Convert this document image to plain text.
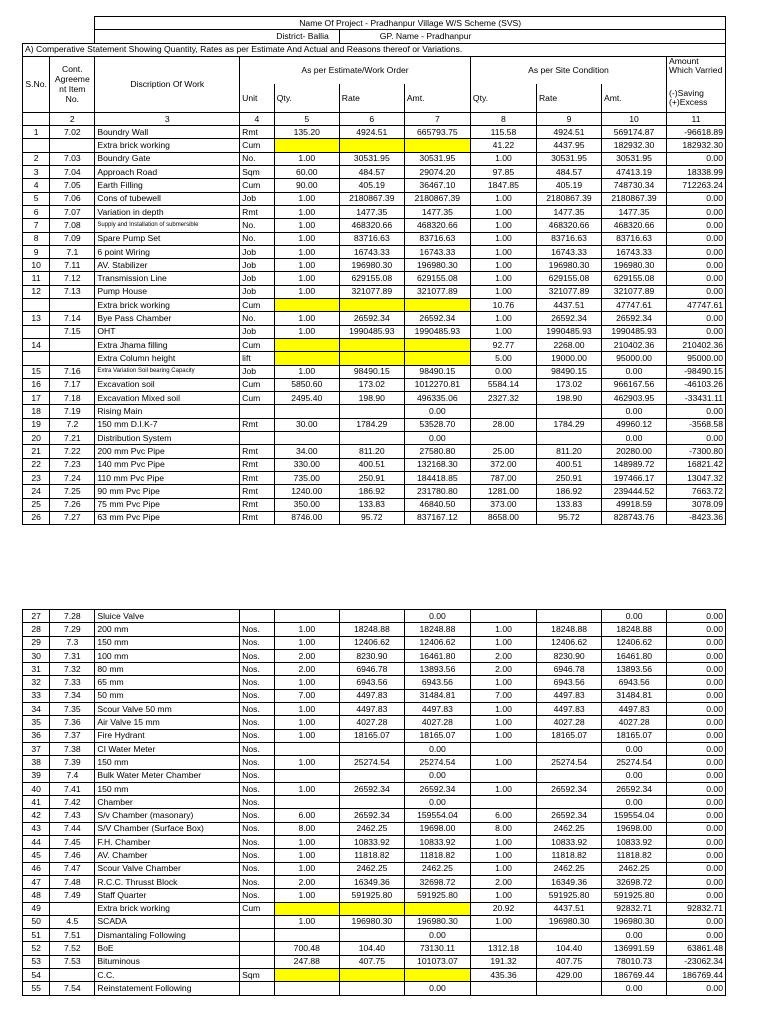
		Name Of Project - Pradhanpur Village W/S Scheme (SVS)								
		District- Ballia			GP. Name - Pradhanpur					
A) Comperative Statement Showing Quantity, Rates as per Estimate And Actual and Reasons thereof or Variations.										
S.No.	Cont. Agreeme nt Item No.	Discription Of Work	As per Estimate/Work Order				As per Site Condition			Amount Which Varried
			Unit	Qty.	Rate	Amt.	Qty.	Rate	Amt.	(-)Saving (+)Excess
	2	3	4	5	6	7	8	9	10	11
1	7.02	Boundry Wall	Rmt	135.20	4924.51	665793.75	115.58	4924.51	569174.87	-96618.89
		Extra brick working	Cum				41.22	4437.95	182932.30	182932.30
2	7.03	Boundry Gate	No.	1.00	30531.95	30531.95	1.00	30531.95	30531.95	0.00
3	7.04	Approach Road	Sqm	60.00	484.57	29074.20	97.85	484.57	47413.19	18338.99
4	7.05	Earth Filling	Cum	90.00	405.19	36467.10	1847.85	405.19	748730.34	712263.24
5	7.06	Cons of tubewell	Job	1.00	2180867.39	2180867.39	1.00	2180867.39	2180867.39	0.00
6	7.07	Variation in depth	Rmt	1.00	1477.35	1477.35	1.00	1477.35	1477.35	0.00
7	7.08	Supply and Installation of submersible	No.	1.00	468320.66	468320.66	1.00	468320.66	468320.66	0.00
8	7.09	Spare Pump Set	No.	1.00	83716.63	83716.63	1.00	83716.63	83716.63	0.00
9	7.1	6 point Wiring	Job	1.00	16743.33	16743.33	1.00	16743.33	16743.33	0.00
10	7.11	AV. Stabilizer	Job	1.00	196980.30	196980.30	1.00	196980.30	196980.30	0.00
11	7.12	Transmission Line	Job	1.00	629155.08	629155.08	1.00	629155.08	629155.08	0.00
12	7.13	Pump House	Job	1.00	321077.89	321077.89	1.00	321077.89	321077.89	0.00
		Extra brick working	Cum				10.76	4437.51	47747.61	47747.61
13	7.14	Bye Pass Chamber	No.	1.00	26592.34	26592.34	1.00	26592.34	26592.34	0.00
	7.15	OHT	Job	1.00	1990485.93	1990485.93	1.00	1990485.93	1990485.93	0.00
14		Extra Jhama filling	Cum				92.77	2268.00	210402.36	210402.36
		Extra Column height	lift				5.00	19000.00	95000.00	95000.00
15	7.16	Extra Variation Soil bearing Capacity	Job	1.00	98490.15	98490.15	0.00	98490.15	0.00	-98490.15
16	7.17	Excavation soil	Cum	5850.60	173.02	1012270.81	5584.14	173.02	966167.56	-46103.26
17	7.18	Excavation Mixed soil	Cum	2495.40	198.90	496335.06	2327.32	198.90	462903.95	-33431.11
18	7.19	Rising Main				0.00			0.00	0.00
19	7.2	150 mm D.I.K-7	Rmt	30.00	1784.29	53528.70	28.00	1784.29	49960.12	-3568.58
20	7.21	Distribution System				0.00			0.00	0.00
21	7.22	200 mm Pvc Pipe	Rmt	34.00	811.20	27580.80	25.00	811.20	20280.00	-7300.80
22	7.23	140 mm Pvc Pipe	Rmt	330.00	400.51	132168.30	372.00	400.51	148989.72	16821.42
23	7.24	110 mm Pvc Pipe	Rmt	735.00	250.91	184418.85	787.00	250.91	197466.17	13047.32
24	7.25	90 mm Pvc Pipe	Rmt	1240.00	186.92	231780.80	1281.00	186.92	239444.52	7663.72
25	7.26	75 mm Pvc Pipe	Rmt	350.00	133.83	46840.50	373.00	133.83	49918.59	3078.09
26	7.27	63 mm Pvc Pipe	Rmt	8746.00	95.72	837167.12	8658.00	95.72	828743.76	-8423.36
27	7.28	Sluice Valve				0.00			0.00	0.00
28	7.29	200 mm	Nos.	1.00	18248.88	18248.88	1.00	18248.88	18248.88	0.00
29	7.3	150 mm	Nos.	1.00	12406.62	12406.62	1.00	12406.62	12406.62	0.00
30	7.31	100 mm	Nos.	2.00	8230.90	16461.80	2.00	8230.90	16461.80	0.00
31	7.32	80 mm	Nos.	2.00	6946.78	13893.56	2.00	6946.78	13893.56	0.00
32	7.33	65 mm	Nos.	1.00	6943.56	6943.56	1.00	6943.56	6943.56	0.00
33	7.34	50 mm	Nos.	7.00	4497.83	31484.81	7.00	4497.83	31484.81	0.00
34	7.35	Scour Valve 50 mm	Nos.	1.00	4497.83	4497.83	1.00	4497.83	4497.83	0.00
35	7.36	Air Valve 15 mm	Nos.	1.00	4027.28	4027.28	1.00	4027.28	4027.28	0.00
36	7.37	Fire Hydrant	Nos.	1.00	18165.07	18165.07	1.00	18165.07	18165.07	0.00
37	7.38	CI Water Meter	Nos.			0.00			0.00	0.00
38	7.39	150 mm	Nos.	1.00	25274.54	25274.54	1.00	25274.54	25274.54	0.00
39	7.4	Bulk Water Meter Chamber	Nos.			0.00			0.00	0.00
40	7.41	150 mm	Nos.	1.00	26592.34	26592.34	1.00	26592.34	26592.34	0.00
41	7.42	Chamber	Nos.			0.00			0.00	0.00
42	7.43	S/v Chamber (masonary)	Nos.	6.00	26592.34	159554.04	6.00	26592.34	159554.04	0.00
43	7.44	S/V Chamber (Surface Box)	Nos.	8.00	2462.25	19698.00	8.00	2462.25	19698.00	0.00
44	7.45	F.H. Chamber	Nos.	1.00	10833.92	10833.92	1.00	10833.92	10833.92	0.00
45	7.46	AV. Chamber	Nos.	1.00	11818.82	11818.82	1.00	11818.82	11818.82	0.00
46	7.47	Scour Valve Chamber	Nos.	1.00	2462.25	2462.25	1.00	2462.25	2462.25	0.00
47	7.48	R.C.C. Thrusst Block	Nos.	2.00	16349.36	32698.72	2.00	16349.36	32698.72	0.00
48	7.49	Staff Quarter	Nos.	1.00	591925.80	591925.80	1.00	591925.80	591925.80	0.00
49		Extra brick working	Cum				20.92	4437.51	92832.71	92832.71
50	4.5	SCADA		1.00	196980.30	196980.30	1.00	196980.30	196980.30	0.00
51	7.51	Dismantaling Following				0.00			0.00	0.00
52	7.52	BoE		700.48	104.40	73130.11	1312.18	104.40	136991.59	63861.48
53	7.53	Bituminous		247.88	407.75	101073.07	191.32	407.75	78010.73	-23062.34
54		C.C.	Sqm				435.36	429.00	186769.44	186769.44
55	7.54	Reinstatement Following				0.00			0.00	0.00
